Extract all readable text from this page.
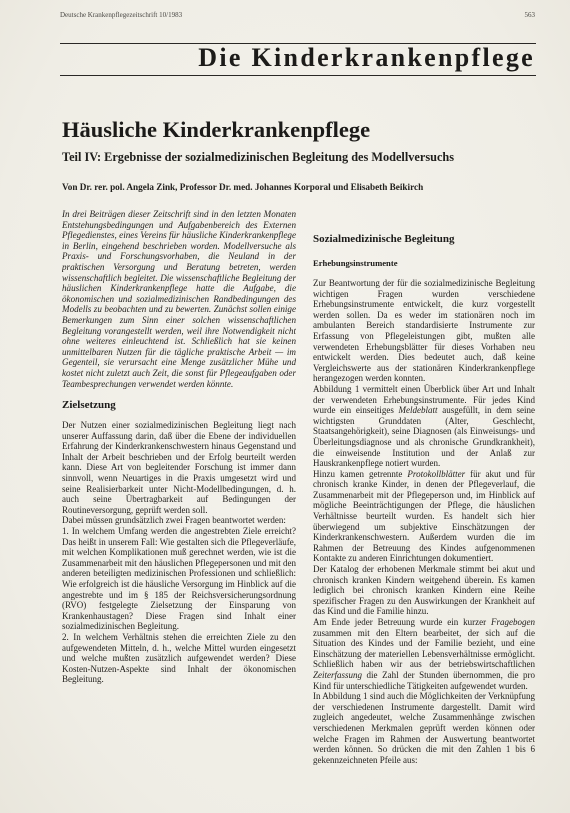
Deutsche Krankenpflegezeitschrift 10/1983	563
Die Kinderkrankenpflege
Häusliche Kinderkrankenpflege
Teil IV: Ergebnisse der sozialmedizinischen Begleitung des Modellversuchs
Von Dr. rer. pol. Angela Zink, Professor Dr. med. Johannes Korporal und Elisabeth Beikirch

In drei Beiträgen dieser Zeitschrift sind in den letzten Monaten Entstehungsbedingungen und Aufgabenbereich des Externen Pflegedienstes, eines Vereins für häusliche Kinderkrankenpflege in Berlin, eingehend beschrieben worden. Modellversuche als Praxis- und Forschungsvorhaben, die Neuland in der praktischen Versorgung und Beratung betreten, werden wissenschaftlich begleitet. Die wissenschaftliche Begleitung der häuslichen Kinderkrankenpflege hatte die Aufgabe, die ökonomischen und sozialmedizinischen Randbedingungen des Modells zu beobachten und zu bewerten. Zunächst sollen einige Bemerkungen zum Sinn einer solchen wissenschaftlichen Begleitung vorangestellt werden, weil ihre Notwendigkeit nicht ohne weiteres einleuchtend ist. Schließlich hat sie keinen unmittelbaren Nutzen für die tägliche praktische Arbeit — im Gegenteil, sie verursacht eine Menge zusätzlicher Mühe und kostet nicht zuletzt auch Zeit, die sonst für Pflegeaufgaben oder Teambesprechungen verwendet werden könnte.

Zielsetzung

Der Nutzen einer sozialmedizinischen Begleitung liegt nach unserer Auffassung darin, daß über die Ebene der individuellen Erfahrung der Kinderkrankenschwestern hinaus Gegenstand und Inhalt der Arbeit beschrieben und der Erfolg beurteilt werden kann. Diese Art von begleitender Forschung ist immer dann sinnvoll, wenn Neuartiges in die Praxis umgesetzt wird und seine Realisierbarkeit unter Nicht-Modellbedingungen, d. h. auch seine Übertragbarkeit auf Bedingungen der Routineversorgung, geprüft werden soll.

Dabei müssen grundsätzlich zwei Fragen beantwortet werden:

1. In welchem Umfang werden die angestrebten Ziele erreicht? Das heißt in unserem Fall: Wie gestalten sich die Pflegeverläufe, mit welchen Komplikationen muß gerechnet werden, wie ist die Zusammenarbeit mit den häuslichen Pflegepersonen und mit den anderen beteiligten medizinischen Professionen und schließlich: Wie erfolgreich ist die häusliche Versorgung im Hinblick auf die angestrebte und im § 185 der Reichsversicherungsordnung (RVO) festgelegte Zielsetzung der Einsparung von Krankenhaustagen? Diese Fragen sind Inhalt einer sozialmedizinischen Begleitung.

2. In welchem Verhältnis stehen die erreichten Ziele zu den aufgewendeten Mitteln, d. h., welche Mittel wurden eingesetzt und welche mußten zusätzlich aufgewendet werden? Diese Kosten-Nutzen-Aspekte sind Inhalt der ökonomischen Begleitung.

Sozialmedizinische Begleitung
Erhebungsinstrumente

Zur Beantwortung der für die sozialmedizinische Begleitung wichtigen Fragen wurden verschiedene Erhebungsinstrumente entwickelt, die kurz vorgestellt werden sollen. Da es weder im stationären noch im ambulanten Bereich standardisierte Instrumente zur Erfassung von Pflegeleistungen gibt, mußten alle verwendeten Erhebungsblätter für dieses Vorhaben neu entwickelt werden. Dies bedeutet auch, daß keine Vergleichswerte aus der stationären Kinderkrankenpflege herangezogen werden konnten.

Abbildung 1 vermittelt einen Überblick über Art und Inhalt der verwendeten Erhebungsinstrumente. Für jedes Kind wurde ein einseitiges Meldeblatt ausgefüllt, in dem seine wichtigsten Grunddaten (Alter, Geschlecht, Staatsangehörigkeit), seine Diagnosen (als Einweisungs- und Überleitungsdiagnose und als chronische Grundkrankheit), die einweisende Institution und der Anlaß zur Hauskrankenpflege notiert wurden.

Hinzu kamen getrennte Protokollblätter für akut und für chronisch kranke Kinder, in denen der Pflegeverlauf, die Zusammenarbeit mit der Pflegeperson und, im Hinblick auf mögliche Beeinträchtigungen der Pflege, die häuslichen Verhältnisse beurteilt wurden. Es handelt sich hier überwiegend um subjektive Einschätzungen der Kinderkrankenschwestern. Außerdem wurden die im Rahmen der Betreuung des Kindes aufgenommenen Kontakte zu anderen Einrichtungen dokumentiert.

Der Katalog der erhobenen Merkmale stimmt bei akut und chronisch kranken Kindern weitgehend überein. Es kamen lediglich bei chronisch kranken Kindern eine Reihe spezifischer Fragen zu den Auswirkungen der Krankheit auf das Kind und die Familie hinzu.

Am Ende jeder Betreuung wurde ein kurzer Fragebogen zusammen mit den Eltern bearbeitet, der sich auf die Situation des Kindes und der Familie bezieht, und eine Einschätzung der materiellen Lebensverhältnisse ermöglicht. Schließlich haben wir aus der betriebswirtschaftlichen Zeiterfassung die Zahl der Stunden übernommen, die pro Kind für unterschiedliche Tätigkeiten aufgewendet wurden.

In Abbildung 1 sind auch die Möglichkeiten der Verknüpfung der verschiedenen Instrumente dargestellt. Damit wird zugleich angedeutet, welche Zusammenhänge zwischen verschiedenen Merkmalen geprüft werden können oder welche Fragen im Rahmen der Auswertung beantwortet werden können. So drücken die mit den Zahlen 1 bis 6 gekennzeichneten Pfeile aus:
